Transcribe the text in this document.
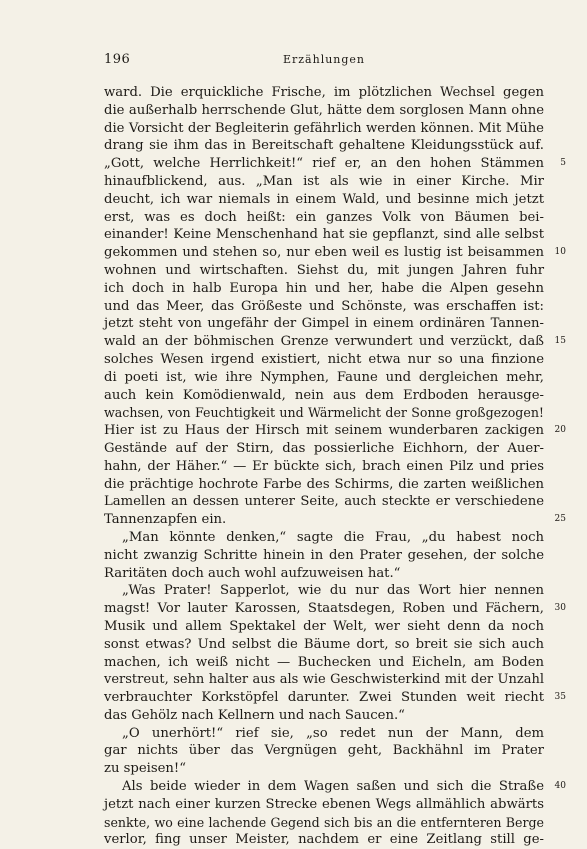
196	Erzählungen
ward. Die erquickliche Frische, im plötzlichen Wechsel gegen
die außerhalb herrschende Glut, hätte dem sorglosen Mann ohne
die Vorsicht der Begleiterin gefährlich werden können. Mit Mühe
drang sie ihm das in Bereitschaft gehaltene Kleidungsstück auf.
„Gott, welche Herrlichkeit!“ rief er, an den hohen Stämmen 5
hinaufblickend, aus. „Man ist als wie in einer Kirche. Mir
deucht, ich war niemals in einem Wald, und besinne mich jetzt
erst, was es doch heißt: ein ganzes Volk von Bäumen bei-
einander! Keine Menschenhand hat sie gepflanzt, sind alle selbst
gekommen und stehen so, nur eben weil es lustig ist beisammen 10
wohnen und wirtschaften. Siehst du, mit jungen Jahren fuhr
ich doch in halb Europa hin und her, habe die Alpen gesehn
und das Meer, das Größeste und Schönste, was erschaffen ist:
jetzt steht von ungefähr der Gimpel in einem ordinären Tannen-
wald an der böhmischen Grenze verwundert und verzückt, daß 15
solches Wesen irgend existiert, nicht etwa nur so una finzione
di poeti ist, wie ihre Nymphen, Faune und dergleichen mehr,
auch kein Komödienwald, nein aus dem Erdboden herausge-
wachsen, von Feuchtigkeit und Wärmelicht der Sonne großgezogen!
Hier ist zu Haus der Hirsch mit seinem wunderbaren zackigen 20
Gestände auf der Stirn, das possierliche Eichhorn, der Auer-
hahn, der Häher.“ — Er bückte sich, brach einen Pilz und pries
die prächtige hochrote Farbe des Schirms, die zarten weißlichen
Lamellen an dessen unterer Seite, auch steckte er verschiedene
Tannenzapfen ein.	25
„Man könnte denken,“ sagte die Frau, „du habest noch
nicht zwanzig Schritte hinein in den Prater gesehen, der solche
Raritäten doch auch wohl aufzuweisen hat.“
„Was Prater! Sapperlot, wie du nur das Wort hier nennen
magst! Vor lauter Karossen, Staatsdegen, Roben und Fächern, 30
Musik und allem Spektakel der Welt, wer sieht denn da noch
sonst etwas? Und selbst die Bäume dort, so breit sie sich auch
machen, ich weiß nicht — Buchecken und Eicheln, am Boden
verstreut, sehn halter aus als wie Geschwisterkind mit der Unzahl
verbrauchter Korkstöpfel darunter. Zwei Stunden weit riecht 35
das Gehölz nach Kellnern und nach Saucen.“
„O unerhört!“ rief sie, „so redet nun der Mann, dem
gar nichts über das Vergnügen geht, Backhähnl im Prater
zu speisen!“
Als beide wieder in dem Wagen saßen und sich die Straße 40
jetzt nach einer kurzen Strecke ebenen Wegs allmählich abwärts
senkte, wo eine lachende Gegend sich bis an die entfernteren Berge
verlor, fing unser Meister, nachdem er eine Zeitlang still ge-
